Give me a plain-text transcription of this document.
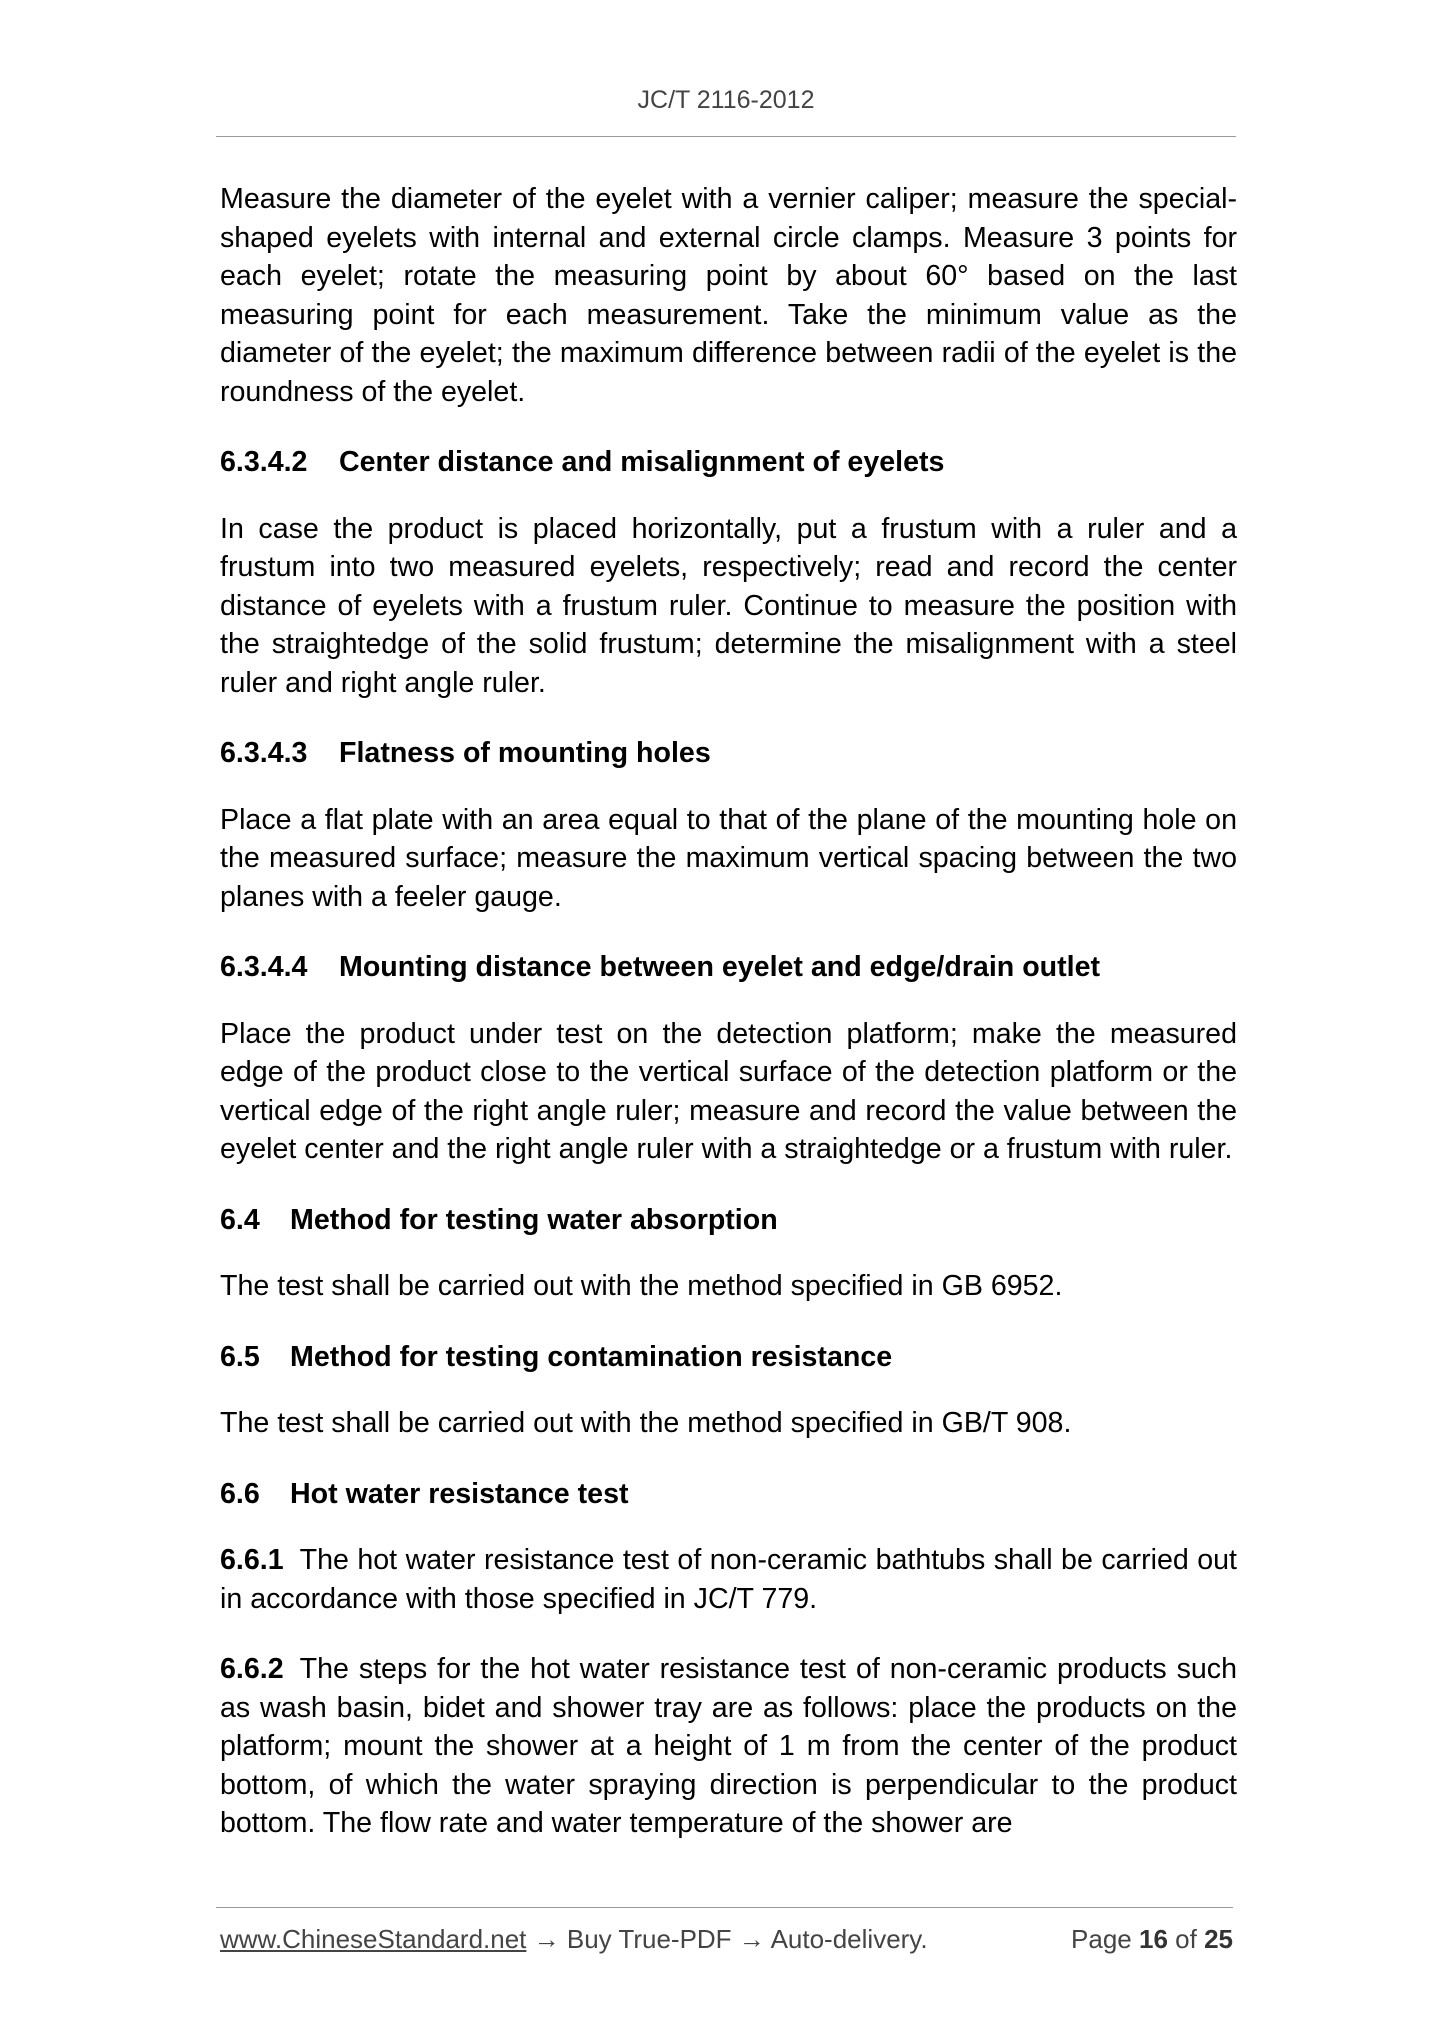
JC/T 2116-2012

Measure the diameter of the eyelet with a vernier caliper; measure the special-shaped eyelets with internal and external circle clamps. Measure 3 points for each eyelet; rotate the measuring point by about 60° based on the last measuring point for each measurement. Take the minimum value as the diameter of the eyelet; the maximum difference between radii of the eyelet is the roundness of the eyelet.

6.3.4.2 Center distance and misalignment of eyelets

In case the product is placed horizontally, put a frustum with a ruler and a frustum into two measured eyelets, respectively; read and record the center distance of eyelets with a frustum ruler. Continue to measure the position with the straightedge of the solid frustum; determine the misalignment with a steel ruler and right angle ruler.

6.3.4.3 Flatness of mounting holes

Place a flat plate with an area equal to that of the plane of the mounting hole on the measured surface; measure the maximum vertical spacing between the two planes with a feeler gauge.

6.3.4.4 Mounting distance between eyelet and edge/drain outlet

Place the product under test on the detection platform; make the measured edge of the product close to the vertical surface of the detection platform or the vertical edge of the right angle ruler; measure and record the value between the eyelet center and the right angle ruler with a straightedge or a frustum with ruler.

6.4 Method for testing water absorption

The test shall be carried out with the method specified in GB 6952.

6.5 Method for testing contamination resistance

The test shall be carried out with the method specified in GB/T 908.

6.6 Hot water resistance test

6.6.1 The hot water resistance test of non-ceramic bathtubs shall be carried out in accordance with those specified in JC/T 779.

6.6.2 The steps for the hot water resistance test of non-ceramic products such as wash basin, bidet and shower tray are as follows: place the products on the platform; mount the shower at a height of 1 m from the center of the product bottom, of which the water spraying direction is perpendicular to the product bottom. The flow rate and water temperature of the shower are

www.ChineseStandard.net → Buy True-PDF → Auto-delivery.	Page 16 of 25
